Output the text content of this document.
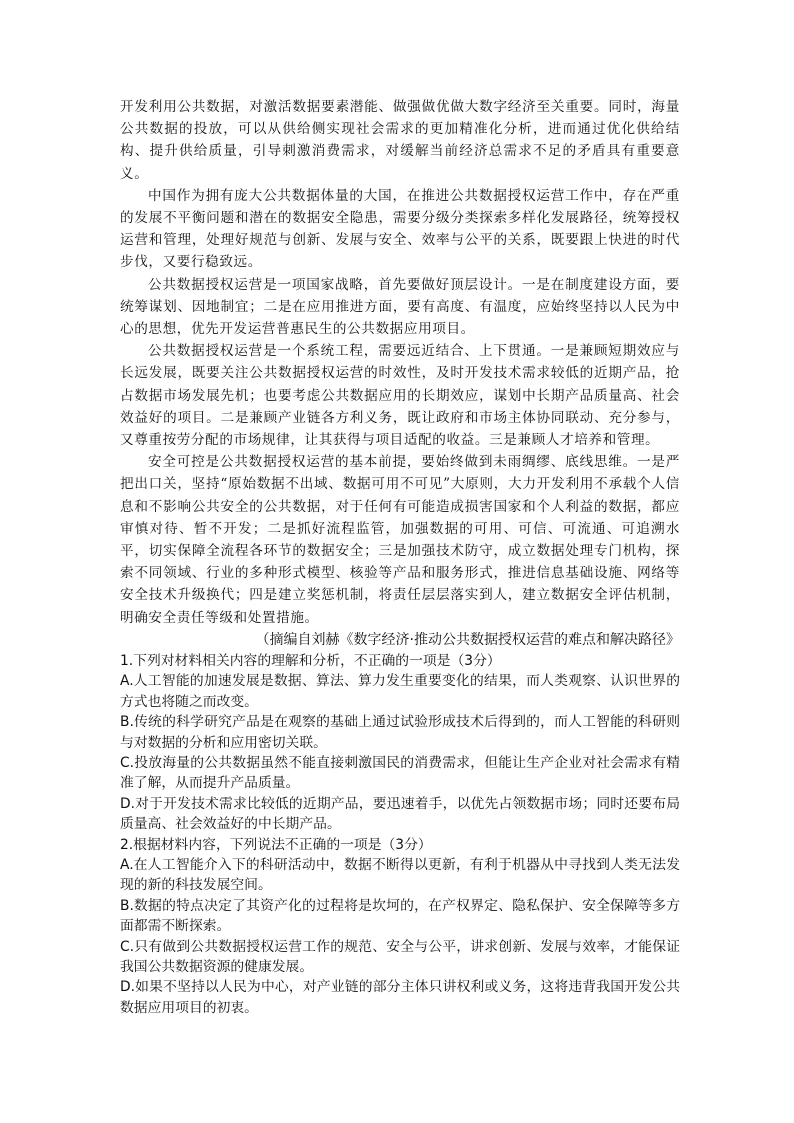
开发利用公共数据，对激活数据要素潜能、做强做优做大数字经济至关重要。同时，海量公共数据的投放，可以从供给侧实现社会需求的更加精准化分析，进而通过优化供给结构、提升供给质量，引导刺激消费需求，对缓解当前经济总需求不足的矛盾具有重要意义。

中国作为拥有庞大公共数据体量的大国，在推进公共数据授权运营工作中，存在严重的发展不平衡问题和潜在的数据安全隐患，需要分级分类探索多样化发展路径，统筹授权运营和管理，处理好规范与创新、发展与安全、效率与公平的关系，既要跟上快进的时代步伐，又要行稳致远。

公共数据授权运营是一项国家战略，首先要做好顶层设计。一是在制度建设方面，要统筹谋划、因地制宜；二是在应用推进方面，要有高度、有温度，应始终坚持以人民为中心的思想，优先开发运营普惠民生的公共数据应用项目。

公共数据授权运营是一个系统工程，需要远近结合、上下贯通。一是兼顾短期效应与长远发展，既要关注公共数据授权运营的时效性，及时开发技术需求较低的近期产品，抢占数据市场发展先机；也要考虑公共数据应用的长期效应，谋划中长期产品质量高、社会效益好的项目。二是兼顾产业链各方利义务，既让政府和市场主体协同联动、充分参与，又尊重按劳分配的市场规律，让其获得与项目适配的收益。三是兼顾人才培养和管理。

安全可控是公共数据授权运营的基本前提，要始终做到未雨绸缪、底线思维。一是严把出口关，坚持“原始数据不出域、数据可用不可见”大原则，大力开发利用不承载个人信息和不影响公共安全的公共数据，对于任何有可能造成损害国家和个人利益的数据，都应审慎对待、暂不开发；二是抓好流程监管，加强数据的可用、可信、可流通、可追溯水平，切实保障全流程各环节的数据安全；三是加强技术防守，成立数据处理专门机构，探索不同领域、行业的多种形式模型、核验等产品和服务形式，推进信息基础设施、网络等安全技术升级换代；四是建立奖惩机制，将责任层层落实到人，建立数据安全评估机制，明确安全责任等级和处置措施。

（摘编自刘赫《数字经济·推动公共数据授权运营的难点和解决路径》

1.下列对材料相关内容的理解和分析，不正确的一项是（3分）

A.人工智能的加速发展是数据、算法、算力发生重要变化的结果，而人类观察、认识世界的方式也将随之而改变。

B.传统的科学研究产品是在观察的基础上通过试验形成技术后得到的，而人工智能的科研则与对数据的分析和应用密切关联。

C.投放海量的公共数据虽然不能直接刺激国民的消费需求，但能让生产企业对社会需求有精准了解，从而提升产品质量。

D.对于开发技术需求比较低的近期产品，要迅速着手，以优先占领数据市场；同时还要布局质量高、社会效益好的中长期产品。

2.根据材料内容，下列说法不正确的一项是（3分）

A.在人工智能介入下的科研活动中，数据不断得以更新，有利于机器从中寻找到人类无法发现的新的科技发展空间。

B.数据的特点决定了其资产化的过程将是坎坷的，在产权界定、隐私保护、安全保障等多方面都需不断探索。

C.只有做到公共数据授权运营工作的规范、安全与公平，讲求创新、发展与效率，才能保证我国公共数据资源的健康发展。

D.如果不坚持以人民为中心，对产业链的部分主体只讲权利或义务，这将违背我国开发公共数据应用项目的初衷。
